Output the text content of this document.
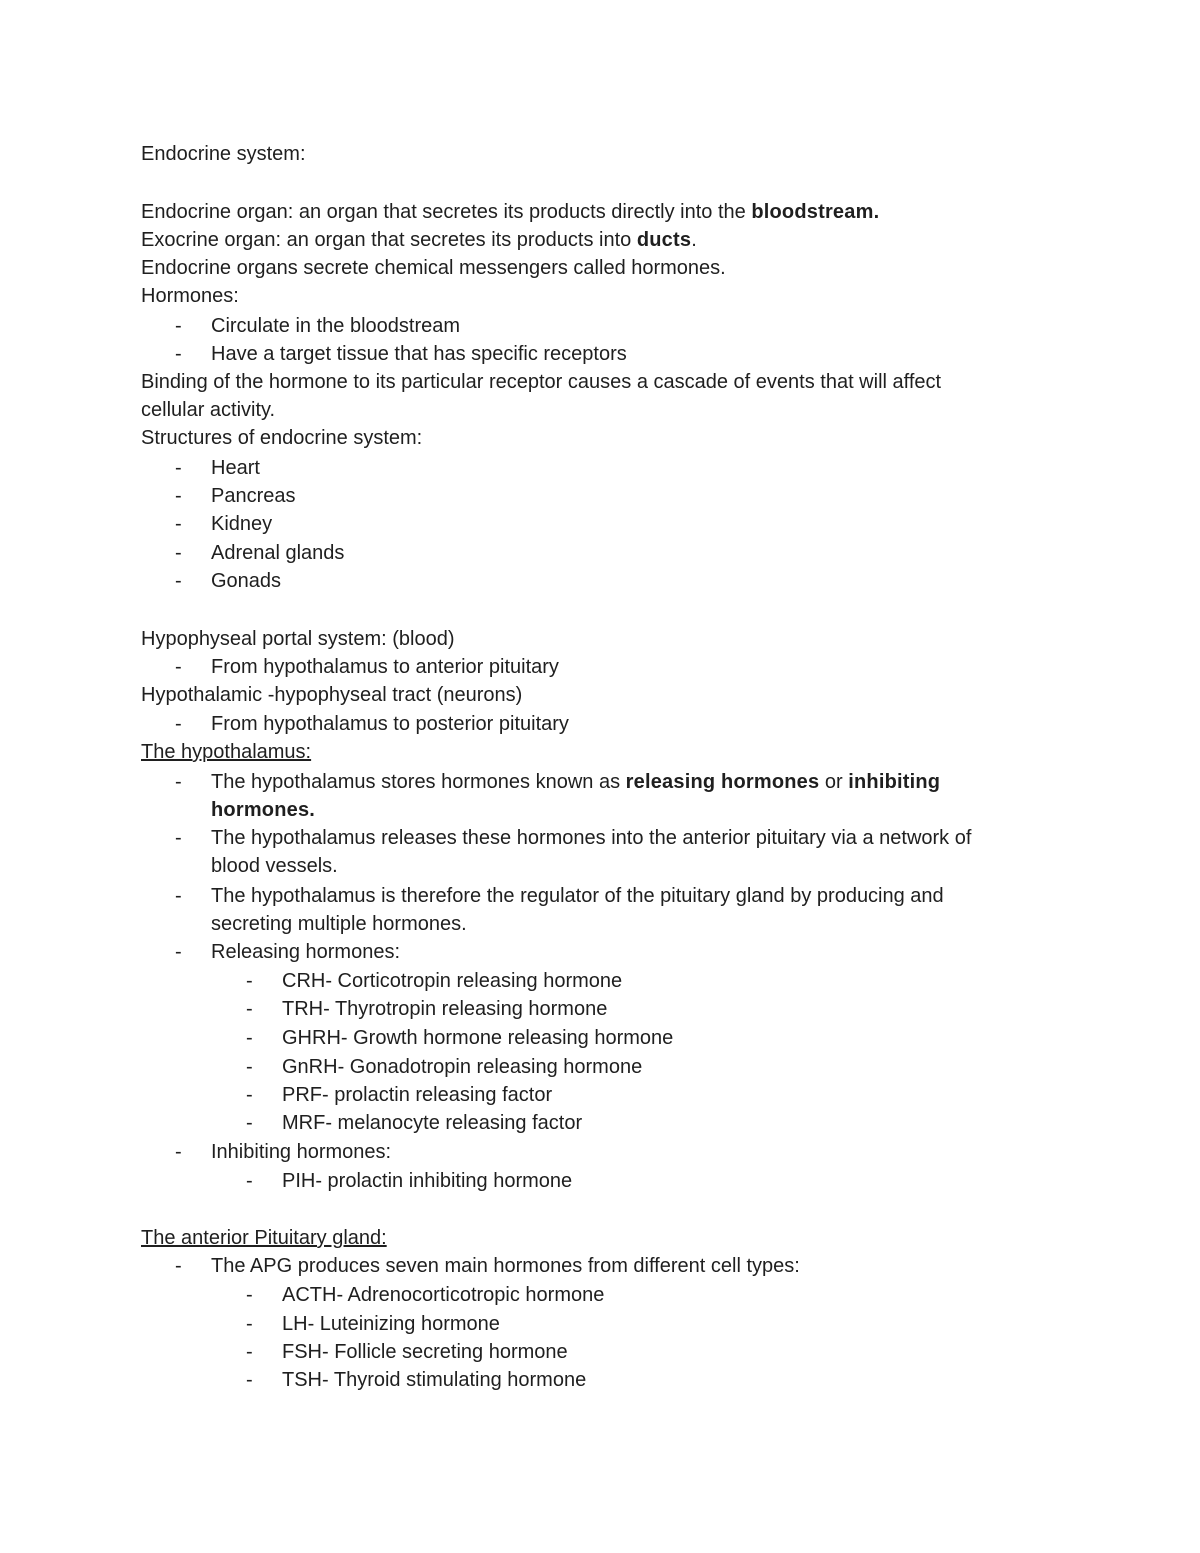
Endocrine system:
Endocrine organ: an organ that secretes its products directly into the bloodstream.
Exocrine organ: an organ that secretes its products into ducts.
Endocrine organs secrete chemical messengers called hormones.
Hormones:
- Circulate in the bloodstream
- Have a target tissue that has specific receptors
Binding of the hormone to its particular receptor causes a cascade of events that will affect
cellular activity.
Structures of endocrine system:
- Heart
- Pancreas
- Kidney
- Adrenal glands
- Gonads
Hypophyseal portal system: (blood)
- From hypothalamus to anterior pituitary
Hypothalamic -hypophyseal tract (neurons)
- From hypothalamus to posterior pituitary
The hypothalamus:
- The hypothalamus stores hormones known as releasing hormones or inhibiting
hormones.
- The hypothalamus releases these hormones into the anterior pituitary via a network of
blood vessels.
- The hypothalamus is therefore the regulator of the pituitary gland by producing and
secreting multiple hormones.
- Releasing hormones:
- CRH- Corticotropin releasing hormone
- TRH- Thyrotropin releasing hormone
- GHRH- Growth hormone releasing hormone
- GnRH- Gonadotropin releasing hormone
- PRF- prolactin releasing factor
- MRF- melanocyte releasing factor
- Inhibiting hormones:
- PIH- prolactin inhibiting hormone
The anterior Pituitary gland:
- The APG produces seven main hormones from different cell types:
- ACTH- Adrenocorticotropic hormone
- LH- Luteinizing hormone
- FSH- Follicle secreting hormone
- TSH- Thyroid stimulating hormone
